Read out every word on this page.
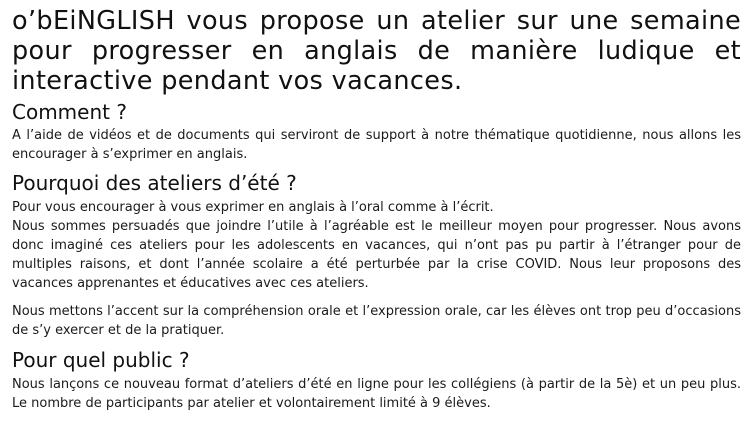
o’bEiNGLISH vous propose un atelier sur une semaine pour progresser en anglais de manière ludique et interactive pendant vos vacances.
Comment ?

A l’aide de vidéos et de documents qui serviront de support à notre thématique quotidienne, nous allons les encourager à s’exprimer en anglais.

Pourquoi des ateliers d’été ?

Pour vous encourager à vous exprimer en anglais à l’oral comme à l’écrit.

Nous sommes persuadés que joindre l’utile à l’agréable est le meilleur moyen pour progresser. Nous avons donc imaginé ces ateliers pour les adolescents en vacances, qui n’ont pas pu partir à l’étranger pour de multiples raisons, et dont l’année scolaire a été perturbée par la crise COVID. Nous leur proposons des vacances apprenantes et éducatives avec ces ateliers.

Nous mettons l’accent sur la compréhension orale et l’expression orale, car les élèves ont trop peu d’occasions de s’y exercer et de la pratiquer.

Pour quel public ?

Nous lançons ce nouveau format d’ateliers d’été en ligne pour les collégiens (à partir de la 5è) et un peu plus. Le nombre de participants par atelier et volontairement limité à 9 élèves.
